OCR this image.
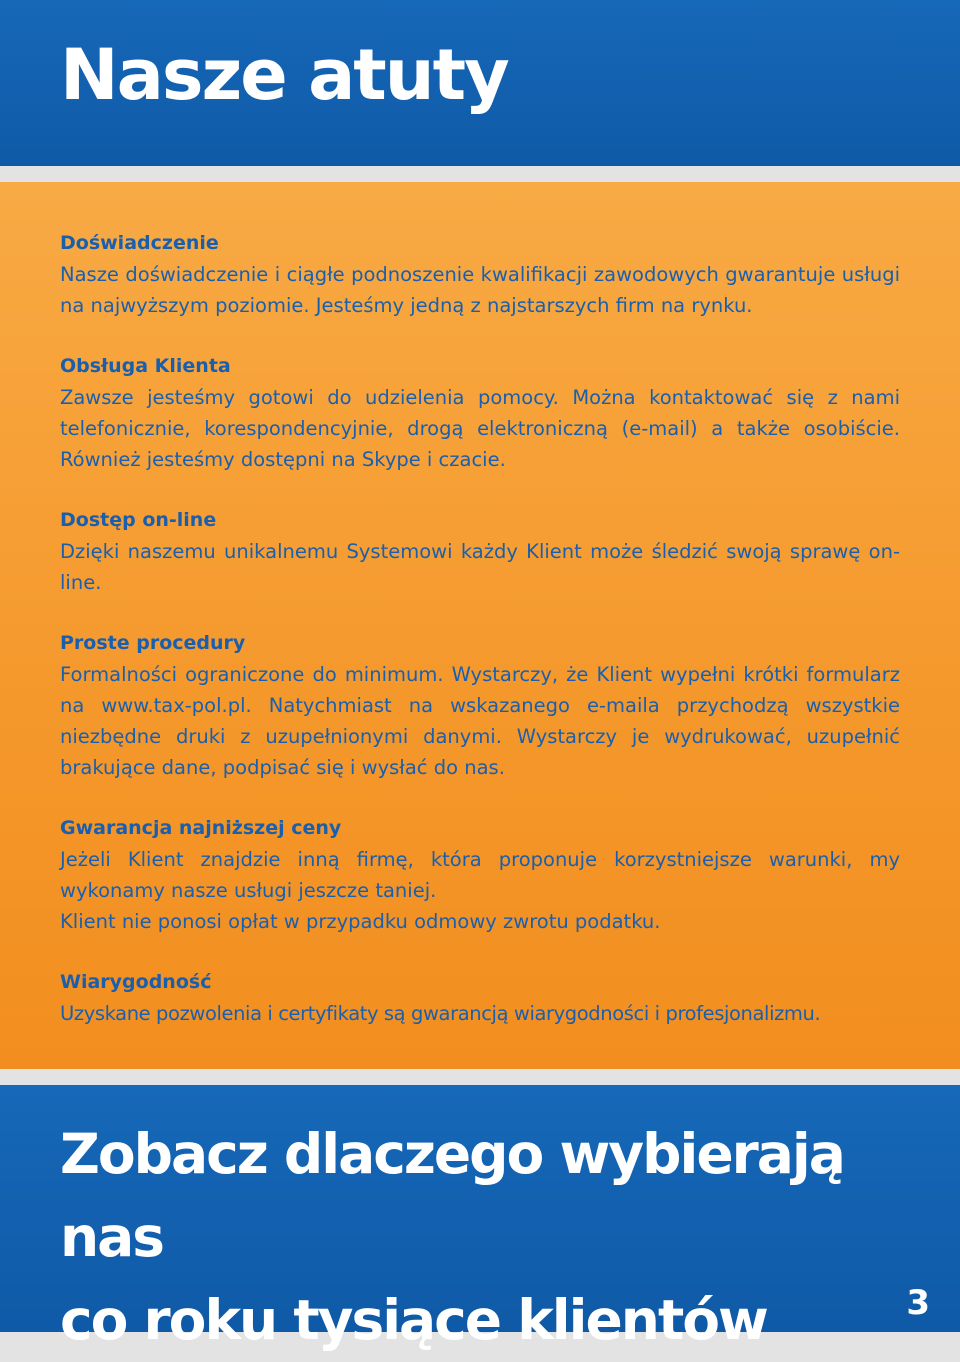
Nasze atuty
Doświadczenie

Nasze doświadczenie i ciągłe podnoszenie kwalifikacji zawodowych gwarantuje usługi na najwyższym poziomie. Jesteśmy jedną z najstarszych firm na rynku.

Obsługa Klienta

Zawsze jesteśmy gotowi do udzielenia pomocy. Można kontaktować się z nami telefonicznie, korespondencyjnie, drogą elektroniczną (e-mail) a także osobiście. Również jesteśmy dostępni na Skype i czacie.

Dostęp on-line

Dzięki naszemu unikalnemu Systemowi każdy Klient może śledzić swoją sprawę on-line.

Proste procedury

Formalności ograniczone do minimum. Wystarczy, że Klient wypełni krótki formularz na www.tax-pol.pl. Natychmiast na wskazanego e-maila przychodzą wszystkie niezbędne druki z uzupełnionymi danymi. Wystarczy je wydrukować, uzupełnić brakujące dane, podpisać się i wysłać do nas.

Gwarancja najniższej ceny

Jeżeli Klient znajdzie inną firmę, która proponuje korzystniejsze warunki, my wykonamy nasze usługi jeszcze taniej.

Klient nie ponosi opłat w przypadku odmowy zwrotu podatku.

Wiarygodność

Uzyskane pozwolenia i certyfikaty są gwarancją wiarygodności i profesjonalizmu.

Zobacz dlaczego wybierają nas
co roku tysiące klientów	3
